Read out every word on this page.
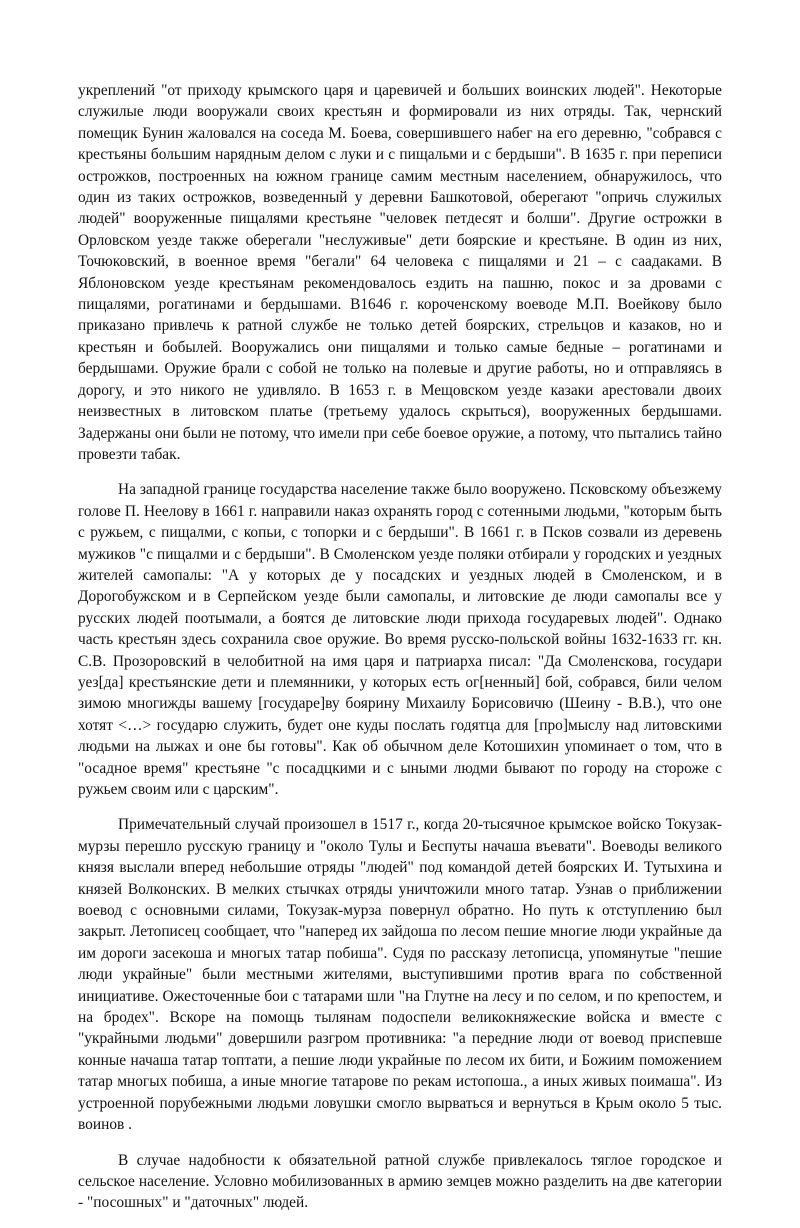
укреплений "от приходу крымского царя и царевичей и больших воинских людей". Некоторые служилые люди вооружали своих крестьян и формировали из них отряды. Так, чернский помещик Бунин жаловался на соседа М. Боева, совершившего набег на его деревню, "собрався с крестьяны большим нарядным делом с луки и с пищальми и с бердыши". В 1635 г. при переписи острожков, построенных на южном границе самим местным населением, обнаружилось, что один из таких острожков, возведенный у деревни Башкотовой, оберегают "опричь служилых людей" вооруженные пищалями крестьяне "человек петдесят и болши". Другие острожки в Орловском уезде также оберегали "неслуживые" дети боярские и крестьяне. В один из них, Точюковский, в военное время "бегали" 64 человека с пищалями и 21 – с саадаками. В Яблоновском уезде крестьянам рекомендовалось ездить на пашню, покос и за дровами с пищалями, рогатинами и бердышами. В1646 г. короченскому воеводе М.П. Воейкову было приказано привлечь к ратной службе не только детей боярских, стрельцов и казаков, но и крестьян и бобылей. Вооружались они пищалями и только самые бедные – рогатинами и бердышами. Оружие брали с собой не только на полевые и другие работы, но и отправляясь в дорогу, и это никого не удивляло. В 1653 г. в Мещовском уезде казаки арестовали двоих неизвестных в литовском платье (третьему удалось скрыться), вооруженных бердышами. Задержаны они были не потому, что имели при себе боевое оружие, а потому, что пытались тайно провезти табак.

На западной границе государства население также было вооружено. Псковскому объезжему голове П. Неелову в 1661 г. направили наказ охранять город с сотенными людьми, "которым быть с ружьем, с пищалми, с копьи, с топорки и с бердыши". В 1661 г. в Псков созвали из деревень мужиков "с пищалми и с бердыши". В Смоленском уезде поляки отбирали у городских и уездных жителей самопалы: "А у которых де у посадских и уездных людей в Смоленском, и в Дорогобужском и в Серпейском уезде были самопалы, и литовские де люди самопалы все у русских людей поотымали, а боятся де литовские люди прихода государевых людей". Однако часть крестьян здесь сохранила свое оружие. Во время русско-польской войны 1632-1633 гг. кн. С.В. Прозоровский в челобитной на имя царя и патриарха писал: "Да Смоленскова, государи уез[да] крестьянские дети и племянники, у которых есть ог[ненный] бой, собрався, били челом зимою многижды вашему [государе]ву боярину Михаилу Борисовичю (Шеину - В.В.), что оне хотят <…> государю служить, будет оне куды послать годятца для [про]мыслу над литовскими людьми на лыжах и оне бы готовы". Как об обычном деле Котошихин упоминает о том, что в "осадное время" крестьяне "с посадцкими и с ыными людми бывают по городу на стороже с ружьем своим или с царским".

Примечательный случай произошел в 1517 г., когда 20-тысячное крымское войско Токузак-мурзы перешло русскую границу и "около Тулы и Беспуты начаша въевати". Воеводы великого князя выслали вперед небольшие отряды "людей" под командой детей боярских И. Тутыхина и князей Волконских. В мелких стычках отряды уничтожили много татар. Узнав о приближении воевод с основными силами, Токузак-мурза повернул обратно. Но путь к отступлению был закрыт. Летописец сообщает, что "наперед их зайдоша по лесом пешие многие люди украйные да им дороги засекоша и многых татар побиша". Судя по рассказу летописца, упомянутые "пешие люди украйные" были местными жителями, выступившими против врага по собственной инициативе. Ожесточенные бои с татарами шли "на Глутне на лесу и по селом, и по крепостем, и на бродех". Вскоре на помощь тылянам подоспели великокняжеские войска и вместе с "украйными людьми" довершили разгром противника: "а передние люди от воевод приспевше конные начаша татар топтати, а пешие люди украйные по лесом их бити, и Божиим поможением татар многых побиша, а иные многие татарове по рекам истопоша., а иных живых поимаша". Из устроенной порубежными людьми ловушки смогло вырваться и вернуться в Крым около 5 тыс. воинов .

В случае надобности к обязательной ратной службе привлекалось тяглое городское и сельское население. Условно мобилизованных в армию земцев можно разделить на две категории - "посошных" и "даточных" людей.
